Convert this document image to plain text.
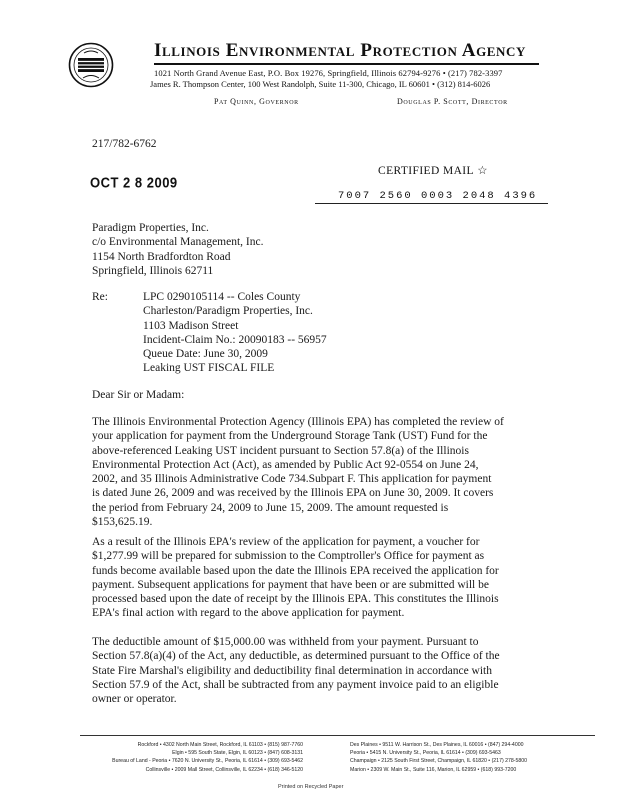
Illinois Environmental Protection Agency
1021 North Grand Avenue East, P.O. Box 19276, Springfield, Illinois 62794-9276 • (217) 782-3397
James R. Thompson Center, 100 West Randolph, Suite 11-300, Chicago, IL 60601 • (312) 814-6026
Pat Quinn, Governor	Douglas P. Scott, Director
217/782-6762
CERTIFIED MAIL ☆
OCT 2 8 2009
7007 2560 0003 2048 4396
Paradigm Properties, Inc.
c/o Environmental Management, Inc.
1154 North Bradfordton Road
Springfield, Illinois 62711
Re:	LPC 0290105114 -- Coles County
Charleston/Paradigm Properties, Inc.
1103 Madison Street
Incident-Claim No.: 20090183 -- 56957
Queue Date: June 30, 2009
Leaking UST FISCAL FILE
Dear Sir or Madam:
The Illinois Environmental Protection Agency (Illinois EPA) has completed the review of
your application for payment from the Underground Storage Tank (UST) Fund for the
above-referenced Leaking UST incident pursuant to Section 57.8(a) of the Illinois
Environmental Protection Act (Act), as amended by Public Act 92-0554 on June 24,
2002, and 35 Illinois Administrative Code 734.Subpart F. This application for payment
is dated June 26, 2009 and was received by the Illinois EPA on June 30, 2009. It covers
the period from February 24, 2009 to June 15, 2009. The amount requested is
$153,625.19.
As a result of the Illinois EPA's review of the application for payment, a voucher for
$1,277.99 will be prepared for submission to the Comptroller's Office for payment as
funds become available based upon the date the Illinois EPA received the application for
payment. Subsequent applications for payment that have been or are submitted will be
processed based upon the date of receipt by the Illinois EPA. This constitutes the Illinois
EPA's final action with regard to the above application for payment.
The deductible amount of $15,000.00 was withheld from your payment. Pursuant to
Section 57.8(a)(4) of the Act, any deductible, as determined pursuant to the Office of the
State Fire Marshal's eligibility and deductibility final determination in accordance with
Section 57.9 of the Act, shall be subtracted from any payment invoice paid to an eligible
owner or operator.
Rockford • 4302 North Main Street, Rockford, IL 61103 • (815) 987-7760
Elgin • 595 South State, Elgin, IL 60123 • (847) 608-3131
Bureau of Land - Peoria • 7620 N. University St., Peoria, IL 61614 • (309) 693-5462
Collinsville • 2009 Mall Street, Collinsville, IL 62234 • (618) 346-5120
Des Plaines • 9511 W. Harrison St., Des Plaines, IL 60016 • (847) 294-4000
Peoria • 5415 N. University St., Peoria, IL 61614 • (309) 693-5463
Champaign • 2125 South First Street, Champaign, IL 61820 • (217) 278-5800
Marion • 2309 W. Main St., Suite 116, Marion, IL 62959 • (618) 993-7200
Printed on Recycled Paper
